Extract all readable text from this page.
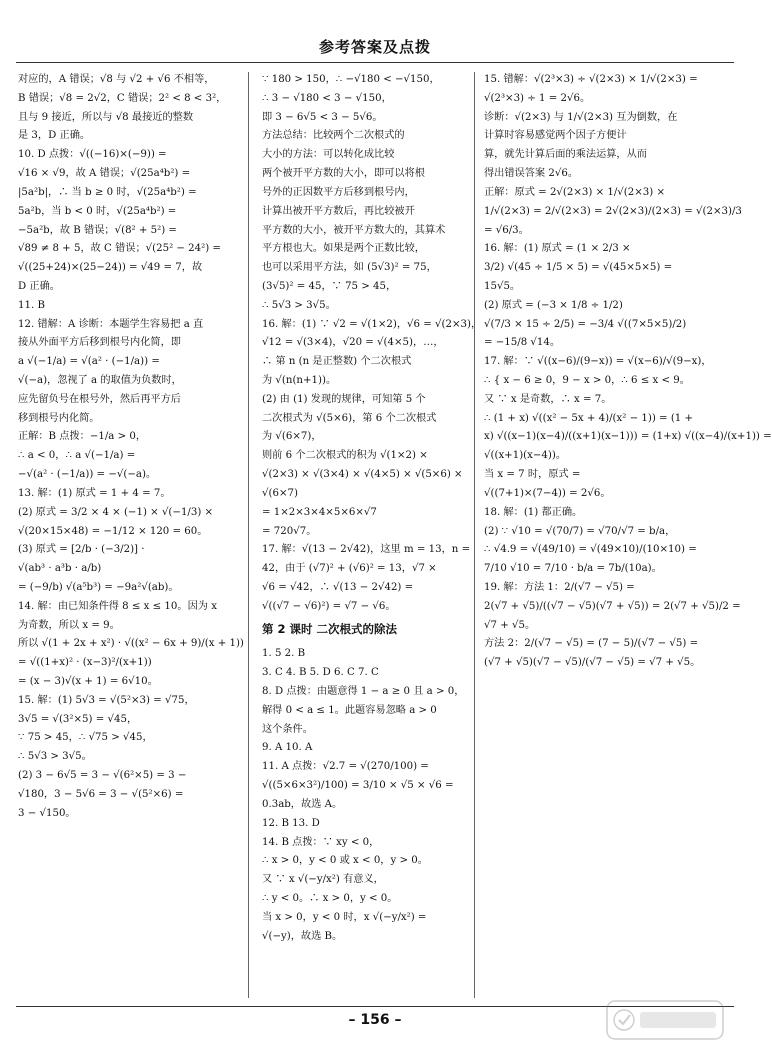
参考答案及点拨
对应的，A 错误；√8 与 √2 + √6 不相等，
B 错误；√8 = 2√2，C 错误；2² < 8 < 3²，
且与 9 接近，所以与 √8 最接近的整数
是 3，D 正确。
10. D 点拨：√((−16)×(−9)) =
√16 × √9，故 A 错误；√(25a⁴b²) =
|5a²b|，∴ 当 b ≥ 0 时，√(25a⁴b²) =
5a²b，当 b < 0 时，√(25a⁴b²) =
−5a²b，故 B 错误；√(8² + 5²) =
√89 ≠ 8 + 5，故 C 错误；√(25² − 24²) =
√((25+24)×(25−24)) = √49 = 7，故
D 正确。
11. B
12. 错解：A 诊断：本题学生容易把 a 直
接从外面平方后移到根号内化简，即
a √(−1/a) = √(a² · (−1/a)) =
√(−a)，忽视了 a 的取值为负数时，
应先留负号在根号外，然后再平方后
移到根号内化简。
正解：B 点拨：−1/a > 0，
∴ a < 0，∴ a √(−1/a) =
−√(a² · (−1/a)) = −√(−a)。
13. 解：(1) 原式 = 1 + 4 = 7。
(2) 原式 = 3/2 × 4 × (−1) × √(−1/3) ×
√(20×15×48) = −1/12 × 120 = 60。
(3) 原式 = [2/b · (−3/2)] ·
√(ab³ · a³b · a/b)
= (−9/b) √(a⁵b³) = −9a²√(ab)。
14. 解：由已知条件得 8 ≤ x ≤ 10。因为 x
为奇数，所以 x = 9。
所以 √(1 + 2x + x²) · √((x² − 6x + 9)/(x + 1))
= √((1+x)² · (x−3)²/(x+1))
= (x − 3)√(x + 1) = 6√10。
15. 解：(1) 5√3 = √(5²×3) = √75，
3√5 = √(3²×5) = √45，
∵ 75 > 45，∴ √75 > √45，
∴ 5√3 > 3√5。
(2) 3 − 6√5 = 3 − √(6²×5) = 3 −
√180，3 − 5√6 = 3 − √(5²×6) =
3 − √150。
∵ 180 > 150，∴ −√180 < −√150，
∴ 3 − √180 < 3 − √150，
即 3 − 6√5 < 3 − 5√6。
方法总结：比较两个二次根式的
大小的方法：可以转化成比较
两个被开平方数的大小，即可以将根
号外的正因数平方后移到根号内，
计算出被开平方数后，再比较被开
平方数的大小，被开平方数大的，其算术
平方根也大。如果是两个正数比较，
也可以采用平方法，如 (5√3)² = 75，
(3√5)² = 45，∵ 75 > 45，
∴ 5√3 > 3√5。
16. 解：(1) ∵ √2 = √(1×2)，√6 = √(2×3)，
√12 = √(3×4)，√20 = √(4×5)，…，
∴ 第 n (n 是正整数) 个二次根式
为 √(n(n+1))。
(2) 由 (1) 发现的规律，可知第 5 个
二次根式为 √(5×6)，第 6 个二次根式
为 √(6×7)，
则前 6 个二次根式的积为 √(1×2) ×
√(2×3) × √(3×4) × √(4×5) × √(5×6) ×
√(6×7)
= 1×2×3×4×5×6×√7
= 720√7。
17. 解：√(13 − 2√42)，这里 m = 13，n =
42，由于 (√7)² + (√6)² = 13，√7 ×
√6 = √42，∴ √(13 − 2√42) =
√((√7 − √6)²) = √7 − √6。
第 2 课时 二次根式的除法
1. 5 2. B
3. C 4. B 5. D 6. C 7. C
8. D 点拨：由题意得 1 − a ≥ 0 且 a > 0，
解得 0 < a ≤ 1。此题容易忽略 a > 0
这个条件。
9. A 10. A
11. A 点拨：√2.7 = √(270/100) =
√((5×6×3²)/100) = 3/10 × √5 × √6 =
0.3ab，故选 A。
12. B 13. D
14. B 点拨：∵ xy < 0，
∴ x > 0，y < 0 或 x < 0，y > 0。
又 ∵ x √(−y/x²) 有意义，
∴ y < 0。∴ x > 0，y < 0。
当 x > 0，y < 0 时，x √(−y/x²) =
√(−y)，故选 B。
15. 错解：√(2³×3) ÷ √(2×3) × 1/√(2×3) =
√(2³×3) ÷ 1 = 2√6。
诊断：√(2×3) 与 1/√(2×3) 互为倒数，在
计算时容易感觉两个因子方便计
算，就先计算后面的乘法运算，从而
得出错误答案 2√6。
正解：原式 = 2√(2×3) × 1/√(2×3) ×
1/√(2×3) = 2/√(2×3) = 2√(2×3)/(2×3) = √(2×3)/3
= √6/3。
16. 解：(1) 原式 = (1 × 2/3 ×
3/2) √(45 ÷ 1/5 × 5) = √(45×5×5) =
15√5。
(2) 原式 = (−3 × 1/8 ÷ 1/2)
√(7/3 × 15 ÷ 2/5) = −3/4 √((7×5×5)/2)
= −15/8 √14。
17. 解：∵ √((x−6)/(9−x)) = √(x−6)/√(9−x)，
∴ { x − 6 ≥ 0，9 − x > 0，∴ 6 ≤ x < 9。
又 ∵ x 是奇数，∴ x = 7。
∴ (1 + x) √((x² − 5x + 4)/(x² − 1)) = (1 +
x) √((x−1)(x−4)/((x+1)(x−1))) = (1+x) √((x−4)/(x+1)) =
√((x+1)(x−4))。
当 x = 7 时，原式 =
√((7+1)×(7−4)) = 2√6。
18. 解：(1) 都正确。
(2) ∵ √10 = √(70/7) = √70/√7 = b/a，
∴ √4.9 = √(49/10) = √(49×10)/(10×10) =
7/10 √10 = 7/10 · b/a = 7b/(10a)。
19. 解：方法 1：2/(√7 − √5) =
2(√7 + √5)/((√7 − √5)(√7 + √5)) = 2(√7 + √5)/2 =
√7 + √5。
方法 2：2/(√7 − √5) = (7 − 5)/(√7 − √5) =
(√7 + √5)(√7 − √5)/(√7 − √5) = √7 + √5。
– 156 –
